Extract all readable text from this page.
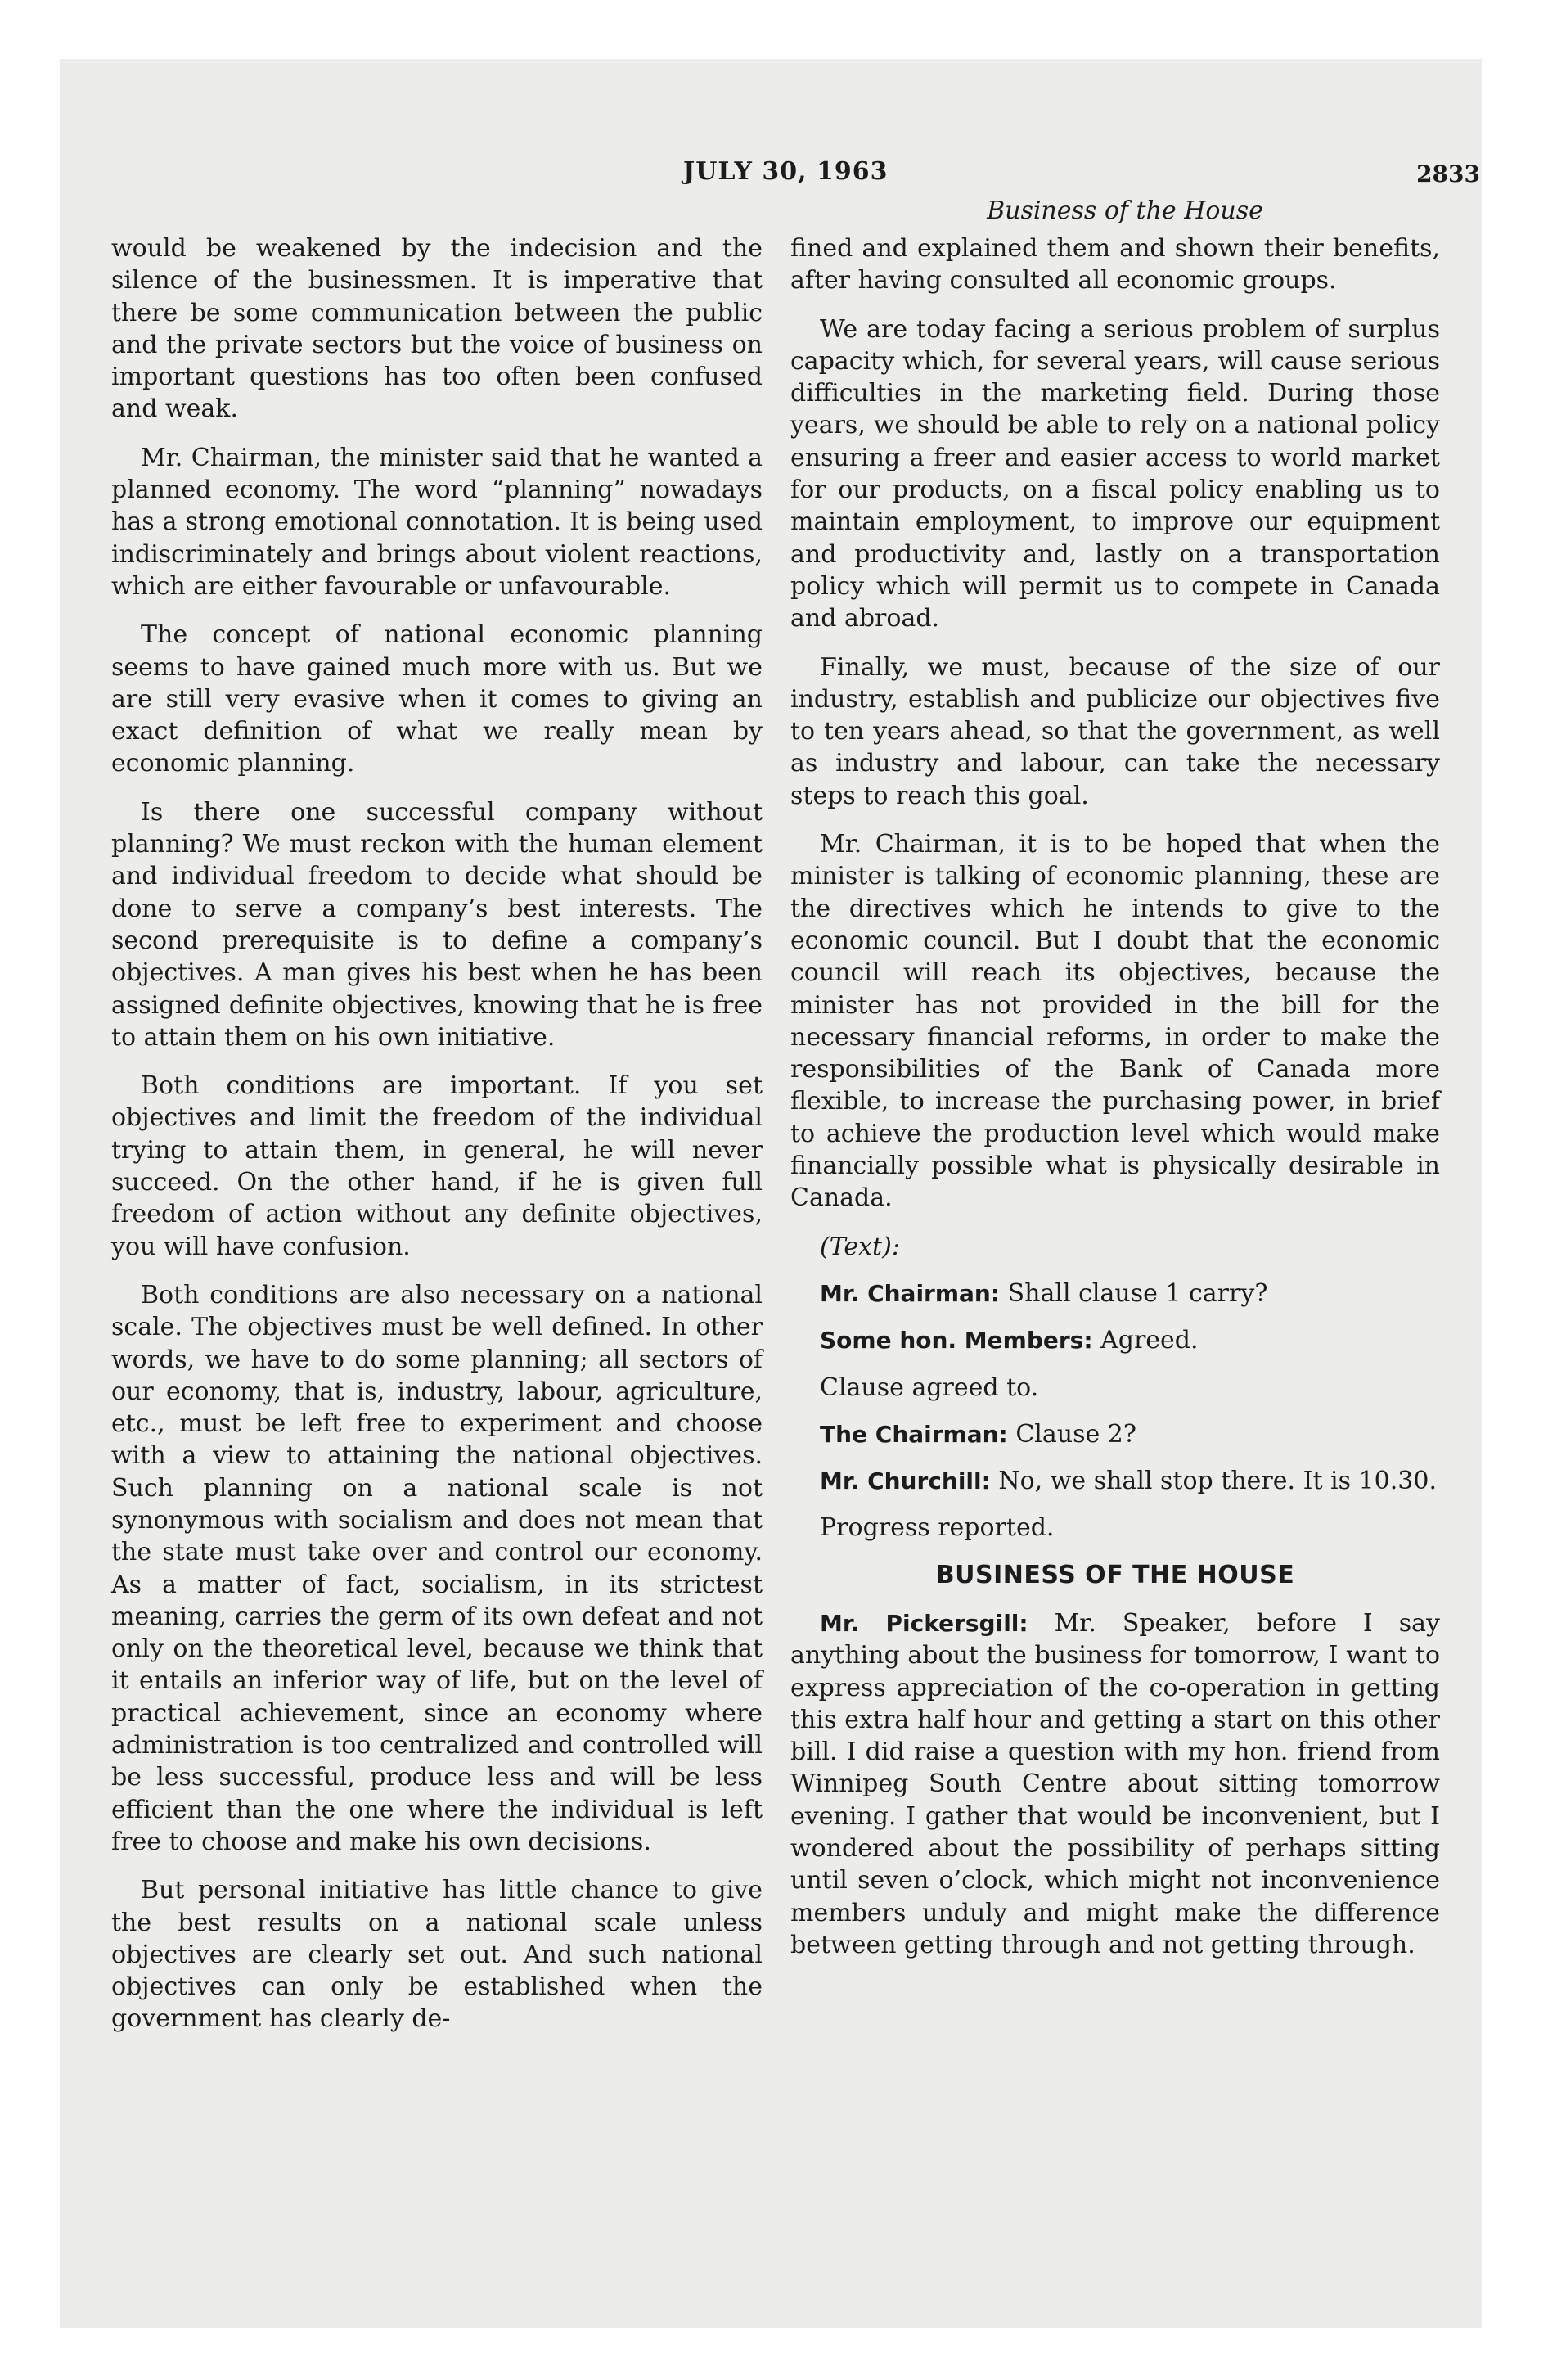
JULY 30, 1963	2833
Business of the House

would be weakened by the indecision and the silence of the businessmen. It is imperative that there be some communication between the public and the private sectors but the voice of business on important questions has too often been confused and weak.

Mr. Chairman, the minister said that he wanted a planned economy. The word “planning” nowadays has a strong emotional connotation. It is being used indiscriminately and brings about violent reactions, which are either favourable or unfavourable.

The concept of national economic planning seems to have gained much more with us. But we are still very evasive when it comes to giving an exact definition of what we really mean by economic planning.

Is there one successful company without planning? We must reckon with the human element and individual freedom to decide what should be done to serve a company’s best interests. The second prerequisite is to define a company’s objectives. A man gives his best when he has been assigned definite objectives, knowing that he is free to attain them on his own initiative.

Both conditions are important. If you set objectives and limit the freedom of the individual trying to attain them, in general, he will never succeed. On the other hand, if he is given full freedom of action without any definite objectives, you will have confusion.

Both conditions are also necessary on a national scale. The objectives must be well defined. In other words, we have to do some planning; all sectors of our economy, that is, industry, labour, agriculture, etc., must be left free to experiment and choose with a view to attaining the national objectives. Such planning on a national scale is not synonymous with socialism and does not mean that the state must take over and control our economy. As a matter of fact, socialism, in its strictest meaning, carries the germ of its own defeat and not only on the theoretical level, because we think that it entails an inferior way of life, but on the level of practical achievement, since an economy where administration is too centralized and controlled will be less successful, produce less and will be less efficient than the one where the individual is left free to choose and make his own decisions.

But personal initiative has little chance to give the best results on a national scale unless objectives are clearly set out. And such national objectives can only be established when the government has clearly de-

fined and explained them and shown their benefits, after having consulted all economic groups.

We are today facing a serious problem of surplus capacity which, for several years, will cause serious difficulties in the marketing field. During those years, we should be able to rely on a national policy ensuring a freer and easier access to world market for our products, on a fiscal policy enabling us to maintain employment, to improve our equipment and productivity and, lastly on a transportation policy which will permit us to compete in Canada and abroad.

Finally, we must, because of the size of our industry, establish and publicize our objectives five to ten years ahead, so that the government, as well as industry and labour, can take the necessary steps to reach this goal.

Mr. Chairman, it is to be hoped that when the minister is talking of economic planning, these are the directives which he intends to give to the economic council. But I doubt that the economic council will reach its objectives, because the minister has not provided in the bill for the necessary financial reforms, in order to make the responsibilities of the Bank of Canada more flexible, to increase the purchasing power, in brief to achieve the production level which would make financially possible what is physically desirable in Canada.

(Text):

Mr. Chairman: Shall clause 1 carry?

Some hon. Members: Agreed.

Clause agreed to.

The Chairman: Clause 2?

Mr. Churchill: No, we shall stop there. It is 10.30.

Progress reported.

BUSINESS OF THE HOUSE

Mr. Pickersgill: Mr. Speaker, before I say anything about the business for tomorrow, I want to express appreciation of the co-operation in getting this extra half hour and getting a start on this other bill. I did raise a question with my hon. friend from Winnipeg South Centre about sitting tomorrow evening. I gather that would be inconvenient, but I wondered about the possibility of perhaps sitting until seven o’clock, which might not inconvenience members unduly and might make the difference between getting through and not getting through.
